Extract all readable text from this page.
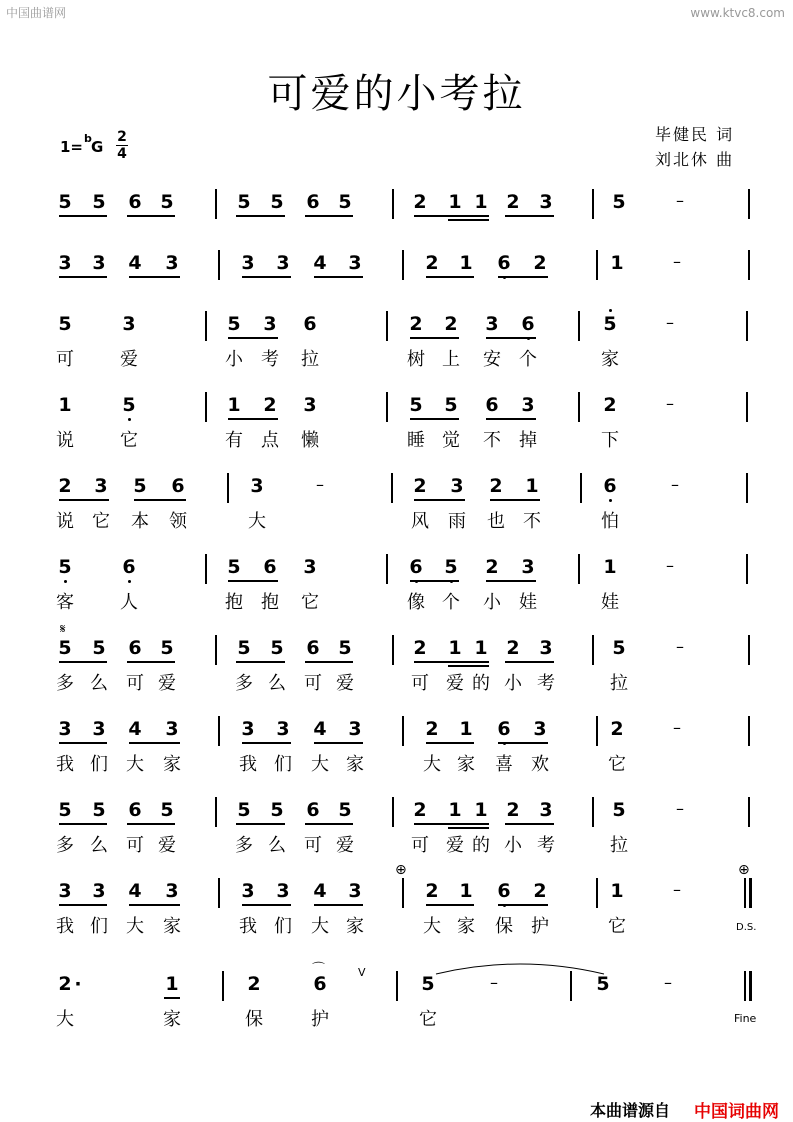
中国曲谱网	www.ktvc8.com
可爱的小考拉
毕健民 词
刘北休 曲
1= b G
2
4
5 5 6 5	5 5 6 5	2 1 1 2 3	5	–
3 3 4 3	3 3 4 3	2 1 6 2	1	–
5	3	5 3 6	2 2 3 6	5	–
可	爱	小 考 拉	树 上 安 个	家
1	5	1 2 3	5 5 6 3	2	–
说	它	有 点 懒	睡 觉 不 掉	下
2 3 5 6	3	–	2 3 2 1	6	–
说 它 本 领	大	风 雨 也 不	怕
5	6	5 6 3	6 5 2 3	1	–
客	人	抱 抱 它	像 个 小 娃	娃
5 5 6 5	5 5 6 5	2 1 1 2 3	5	–
多 么 可 爱	多 么 可 爱	可 爱 的 小 考	拉
3 3 4 3	3 3 4 3	2 1 6 3	2	–
我 们 大 家	我 们 大 家	大 家 喜 欢	它
5 5 6 5	5 5 6 5	2 1 1 2 3	5	–
多 么 可 爱	多 么 可 爱	可 爱 的 小 考	拉
3 3 4 3	3 3 4 3	2 1 6 2	1	–
我 们 大 家	我 们 大 家	大 家 保 护	它
2 ·	1	2	6	5	–	5	–
大	家	保	护	它
𝄋
⊕	⊕
D.S.
Fine
V
⌒
本曲谱源自 中国词曲网
